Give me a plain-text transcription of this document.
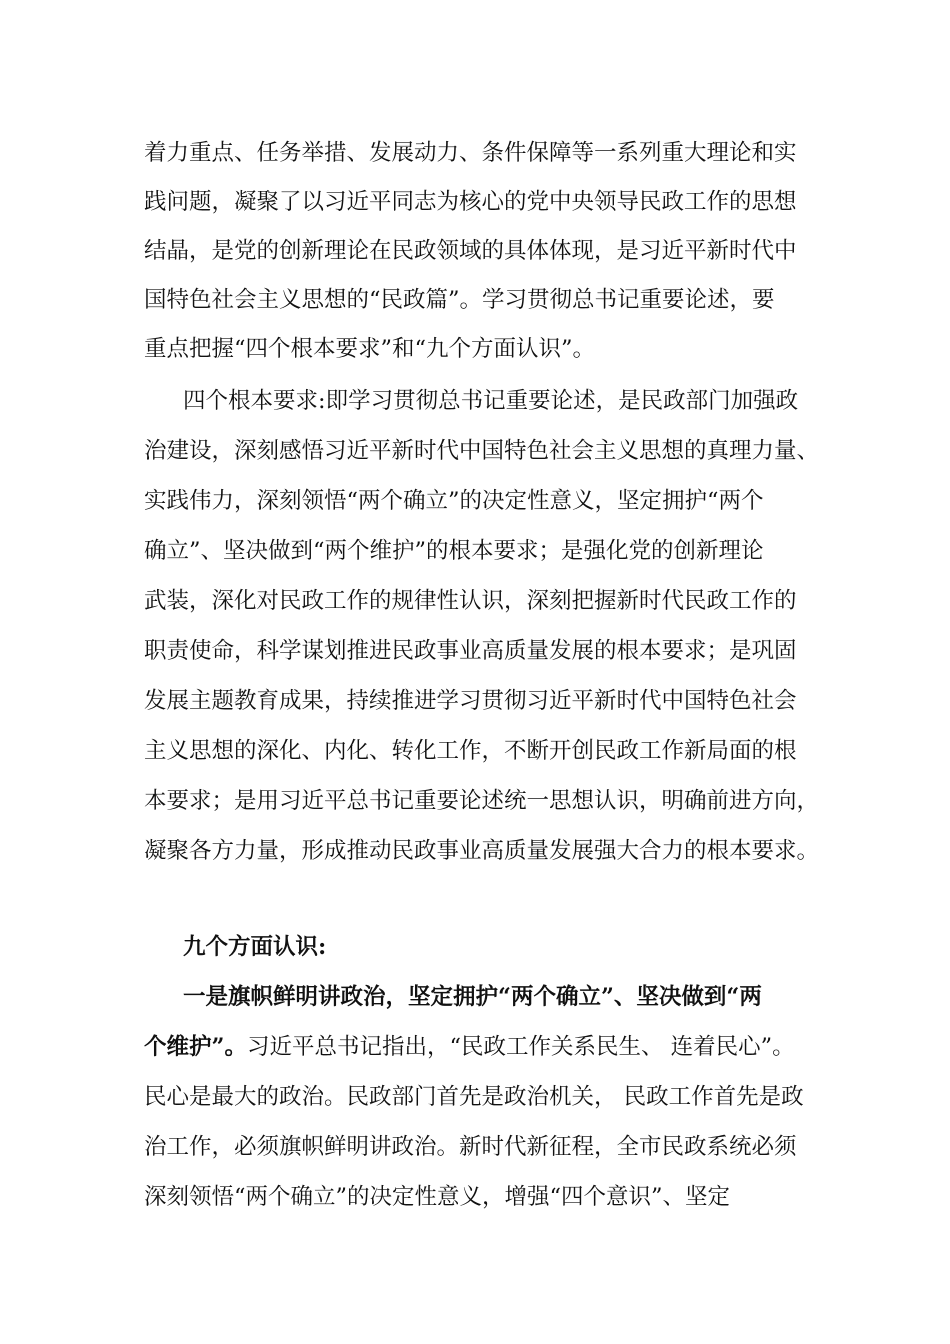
着力重点、任务举措、发展动力、条件保障等一系列重大理论和实
践问题，凝聚了以习近平同志为核心的党中央领导民政工作的思想
结晶，是党的创新理论在民政领域的具体体现，是习近平新时代中
国特色社会主义思想的“民政篇”。学习贯彻总书记重要论述，要
重点把握“四个根本要求”和“九个方面认识”。
四个根本要求:即学习贯彻总书记重要论述，是民政部门加强政
治建设，深刻感悟习近平新时代中国特色社会主义思想的真理力量、
实践伟力，深刻领悟“两个确立”的决定性意义，坚定拥护“两个
确立”、坚决做到“两个维护”的根本要求；是强化党的创新理论
武装，深化对民政工作的规律性认识，深刻把握新时代民政工作的
职责使命，科学谋划推进民政事业高质量发展的根本要求；是巩固
发展主题教育成果，持续推进学习贯彻习近平新时代中国特色社会
主义思想的深化、内化、转化工作，不断开创民政工作新局面的根
本要求；是用习近平总书记重要论述统一思想认识，明确前进方向，
凝聚各方力量，形成推动民政事业高质量发展强大合力的根本要求。
九个方面认识:
一是旗帜鲜明讲政治，坚定拥护“两个确立”、坚决做到“两
个维护”。习近平总书记指出，“民政工作关系民生、 连着民心”。
民心是最大的政治。民政部门首先是政治机关， 民政工作首先是政
治工作，必须旗帜鲜明讲政治。新时代新征程，全市民政系统必须
深刻领悟“两个确立”的决定性意义，增强“四个意识”、坚定
